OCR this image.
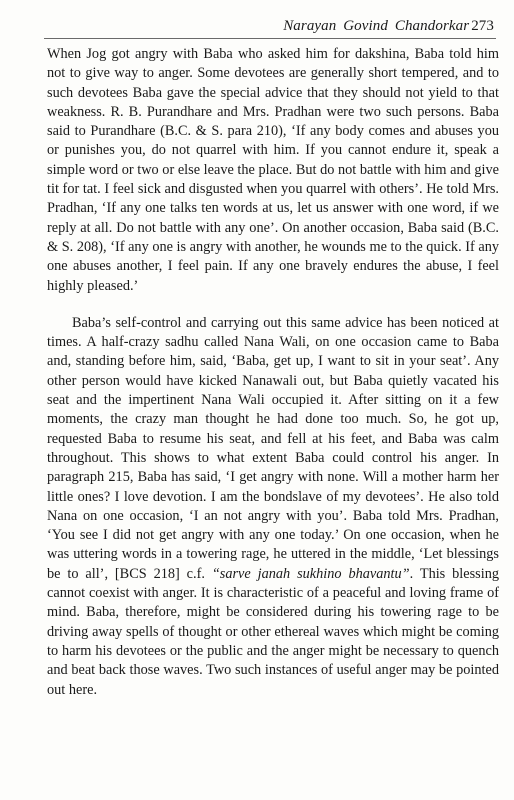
Narayan Govind Chandorkar 273

When Jog got angry with Baba who asked him for dakshina, Baba told him not to give way to anger. Some devotees are generally short tempered, and to such devotees Baba gave the special advice that they should not yield to that weakness. R. B. Purandhare and Mrs. Pradhan were two such persons. Baba said to Purandhare (B.C. & S. para 210), ‘If any body comes and abuses you or punishes you, do not quarrel with him. If you cannot endure it, speak a simple word or two or else leave the place. But do not battle with him and give tit for tat. I feel sick and disgusted when you quarrel with others’. He told Mrs. Pradhan, ‘If any one talks ten words at us, let us answer with one word, if we reply at all. Do not battle with any one’. On another occasion, Baba said (B.C. & S. 208), ‘If any one is angry with another, he wounds me to the quick. If any one abuses another, I feel pain. If any one bravely endures the abuse, I feel highly pleased.’

Baba’s self-control and carrying out this same advice has been noticed at times. A half-crazy sadhu called Nana Wali, on one occasion came to Baba and, standing before him, said, ‘Baba, get up, I want to sit in your seat’. Any other person would have kicked Nanawali out, but Baba quietly vacated his seat and the impertinent Nana Wali occupied it. After sitting on it a few moments, the crazy man thought he had done too much. So, he got up, requested Baba to resume his seat, and fell at his feet, and Baba was calm throughout. This shows to what extent Baba could control his anger. In paragraph 215, Baba has said, ‘I get angry with none. Will a mother harm her little ones? I love devotion. I am the bondslave of my devotees’. He also told Nana on one occasion, ‘I an not angry with you’. Baba told Mrs. Pradhan, ‘You see I did not get angry with any one today.’ On one occasion, when he was uttering words in a towering rage, he uttered in the middle, ‘Let blessings be to all’, [BCS 218] c.f. “sarve janah sukhino bhavantu”. This blessing cannot coexist with anger. It is characteristic of a peaceful and loving frame of mind. Baba, therefore, might be considered during his towering rage to be driving away spells of thought or other ethereal waves which might be coming to harm his devotees or the public and the anger might be necessary to quench and beat back those waves. Two such instances of useful anger may be pointed out here.
